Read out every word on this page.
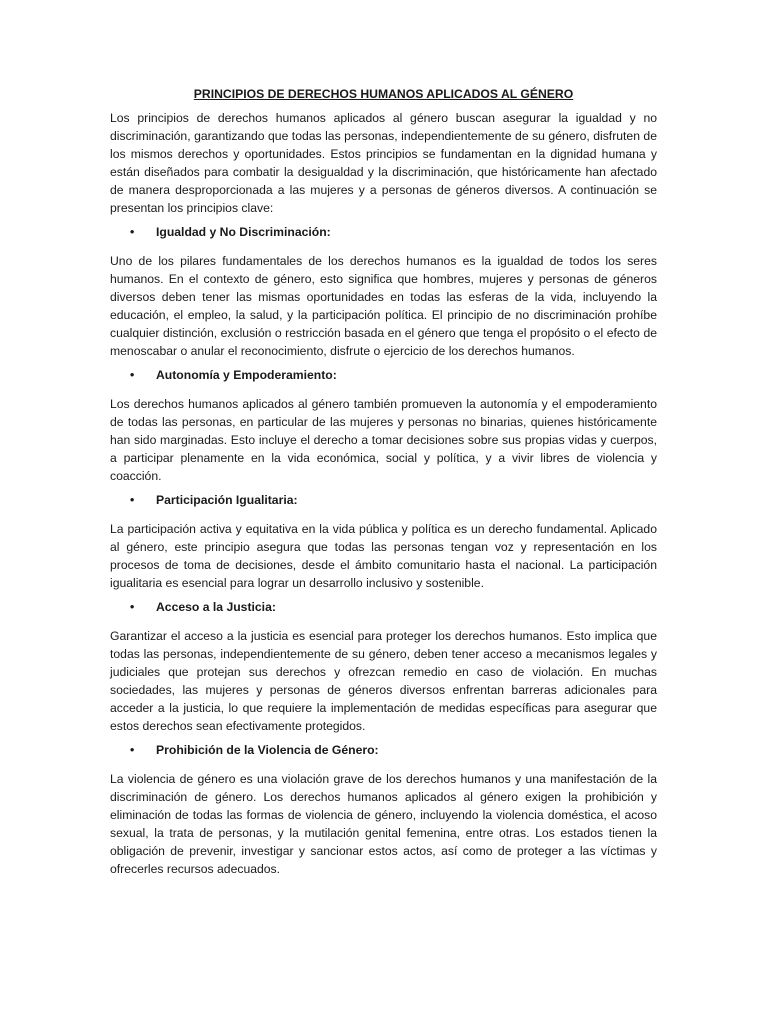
PRINCIPIOS DE DERECHOS HUMANOS APLICADOS AL GÉNERO

Los principios de derechos humanos aplicados al género buscan asegurar la igualdad y no discriminación, garantizando que todas las personas, independientemente de su género, disfruten de los mismos derechos y oportunidades. Estos principios se fundamentan en la dignidad humana y están diseñados para combatir la desigualdad y la discriminación, que históricamente han afectado de manera desproporcionada a las mujeres y a personas de géneros diversos. A continuación se presentan los principios clave:

• Igualdad y No Discriminación:

Uno de los pilares fundamentales de los derechos humanos es la igualdad de todos los seres humanos. En el contexto de género, esto significa que hombres, mujeres y personas de géneros diversos deben tener las mismas oportunidades en todas las esferas de la vida, incluyendo la educación, el empleo, la salud, y la participación política. El principio de no discriminación prohíbe cualquier distinción, exclusión o restricción basada en el género que tenga el propósito o el efecto de menoscabar o anular el reconocimiento, disfrute o ejercicio de los derechos humanos.

• Autonomía y Empoderamiento:

Los derechos humanos aplicados al género también promueven la autonomía y el empoderamiento de todas las personas, en particular de las mujeres y personas no binarias, quienes históricamente han sido marginadas. Esto incluye el derecho a tomar decisiones sobre sus propias vidas y cuerpos, a participar plenamente en la vida económica, social y política, y a vivir libres de violencia y coacción.

• Participación Igualitaria:

La participación activa y equitativa en la vida pública y política es un derecho fundamental. Aplicado al género, este principio asegura que todas las personas tengan voz y representación en los procesos de toma de decisiones, desde el ámbito comunitario hasta el nacional. La participación igualitaria es esencial para lograr un desarrollo inclusivo y sostenible.

• Acceso a la Justicia:

Garantizar el acceso a la justicia es esencial para proteger los derechos humanos. Esto implica que todas las personas, independientemente de su género, deben tener acceso a mecanismos legales y judiciales que protejan sus derechos y ofrezcan remedio en caso de violación. En muchas sociedades, las mujeres y personas de géneros diversos enfrentan barreras adicionales para acceder a la justicia, lo que requiere la implementación de medidas específicas para asegurar que estos derechos sean efectivamente protegidos.

• Prohibición de la Violencia de Género:

La violencia de género es una violación grave de los derechos humanos y una manifestación de la discriminación de género. Los derechos humanos aplicados al género exigen la prohibición y eliminación de todas las formas de violencia de género, incluyendo la violencia doméstica, el acoso sexual, la trata de personas, y la mutilación genital femenina, entre otras. Los estados tienen la obligación de prevenir, investigar y sancionar estos actos, así como de proteger a las víctimas y ofrecerles recursos adecuados.
